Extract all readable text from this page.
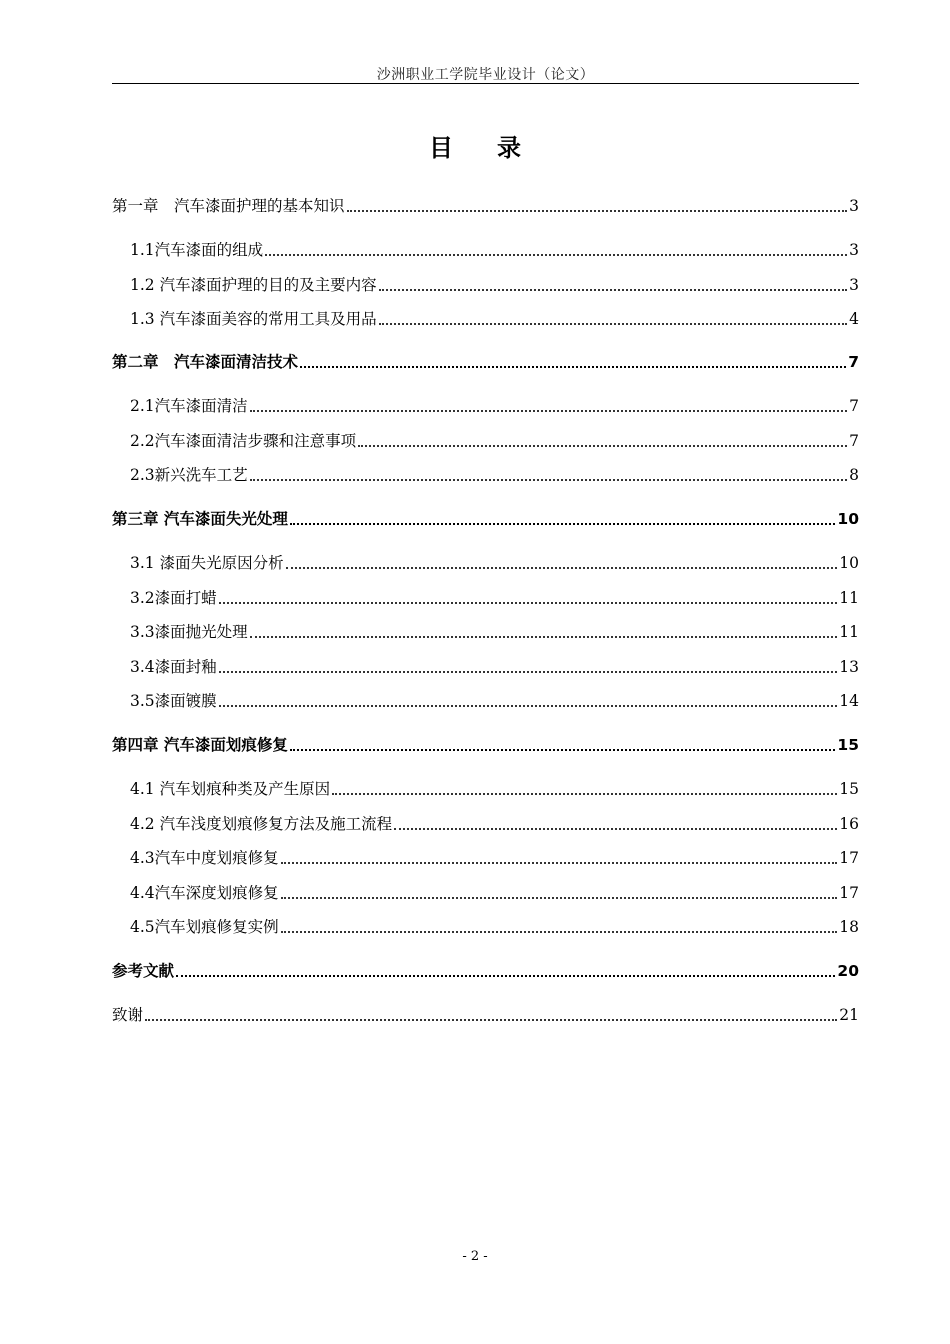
沙洲职业工学院毕业设计（论文）
目 录
第一章　汽车漆面护理的基本知识	3
1.1汽车漆面的组成	3
1.2 汽车漆面护理的目的及主要内容	3
1.3 汽车漆面美容的常用工具及用品	4
第二章　汽车漆面清洁技术	7
2.1汽车漆面清洁	7
2.2汽车漆面清洁步骤和注意事项	7
2.3新兴洗车工艺	8
第三章 汽车漆面失光处理	10
3.1 漆面失光原因分析	10
3.2漆面打蜡	11
3.3漆面抛光处理	11
3.4漆面封釉	13
3.5漆面镀膜	14
第四章 汽车漆面划痕修复	15
4.1 汽车划痕种类及产生原因	15
4.2 汽车浅度划痕修复方法及施工流程	16
4.3汽车中度划痕修复	17
4.4汽车深度划痕修复	17
4.5汽车划痕修复实例	18
参考文献	20
致谢	21
- 2 -
